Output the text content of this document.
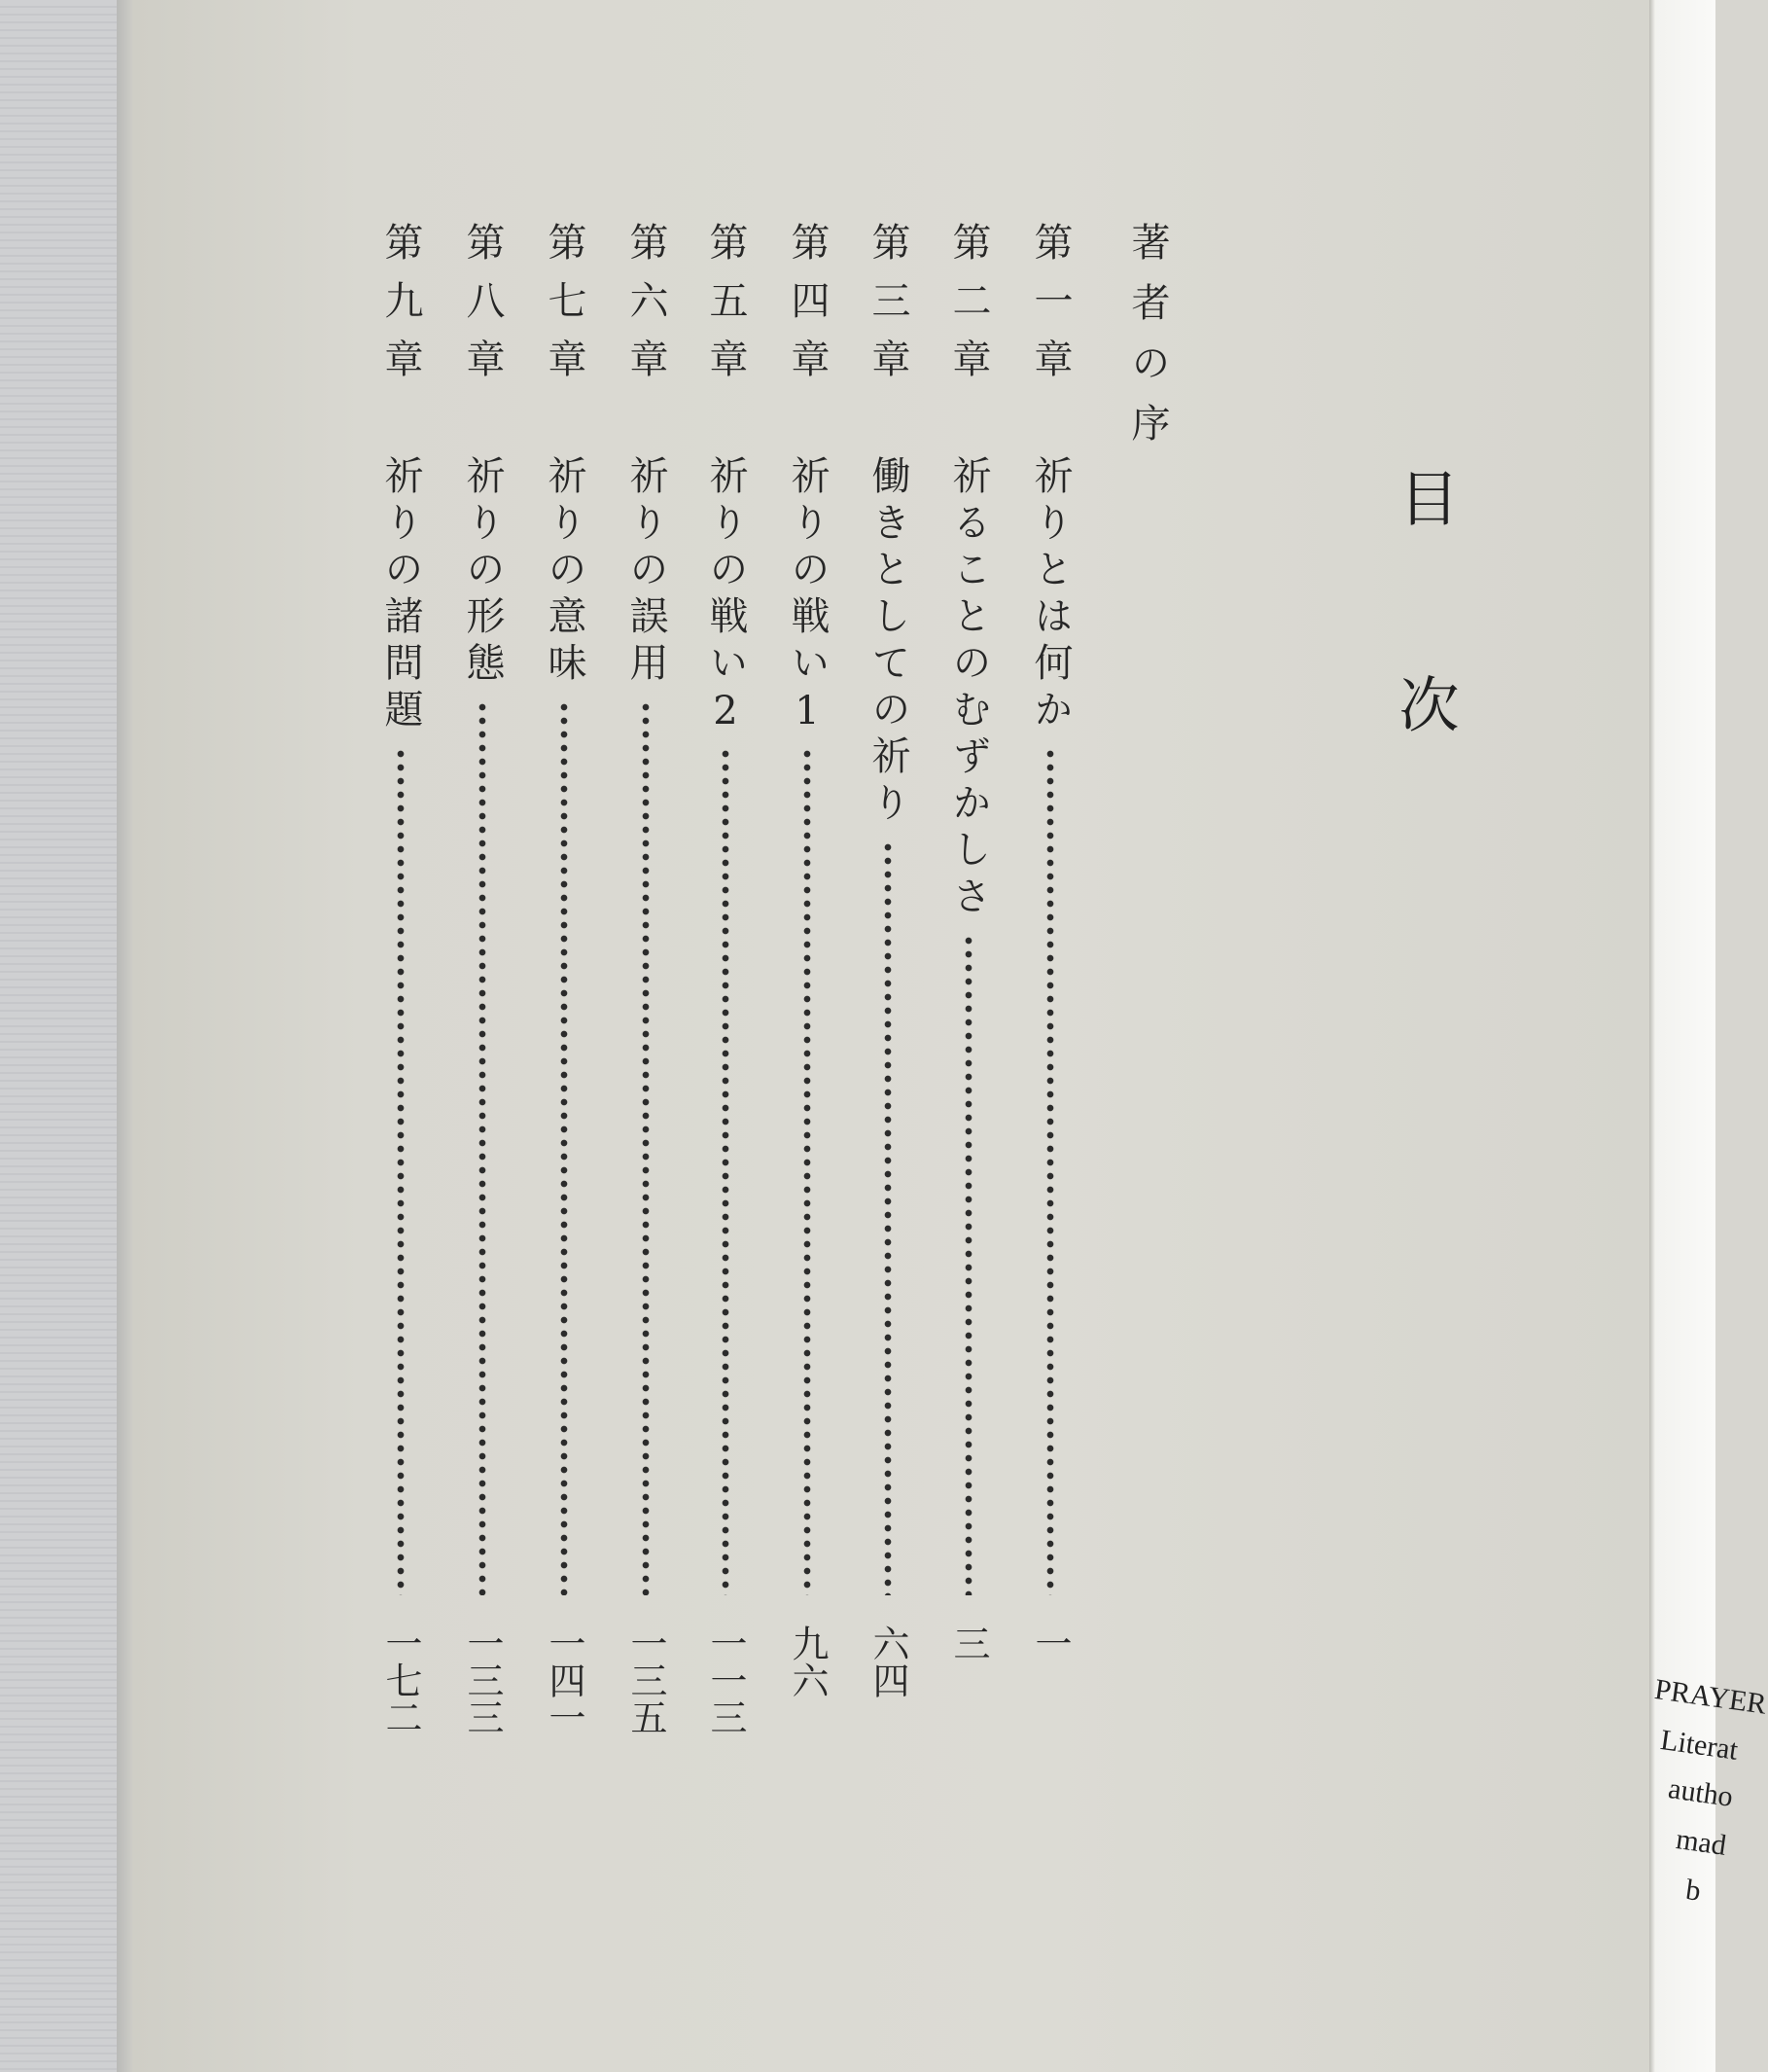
目次
著者の序
第一章　祈りとは何か
一
第二章　祈ることのむずかしさ
三
第三章　働きとしての祈り
六四
第四章　祈りの戦い1
九六
第五章　祈りの戦い2
一一三
第六章　祈りの誤用
一三五
第七章　祈りの意味
一四一
第八章　祈りの形態
一三三
第九章　祈りの諸問題
一七二	PRAYER
Literat
autho
mad
b
